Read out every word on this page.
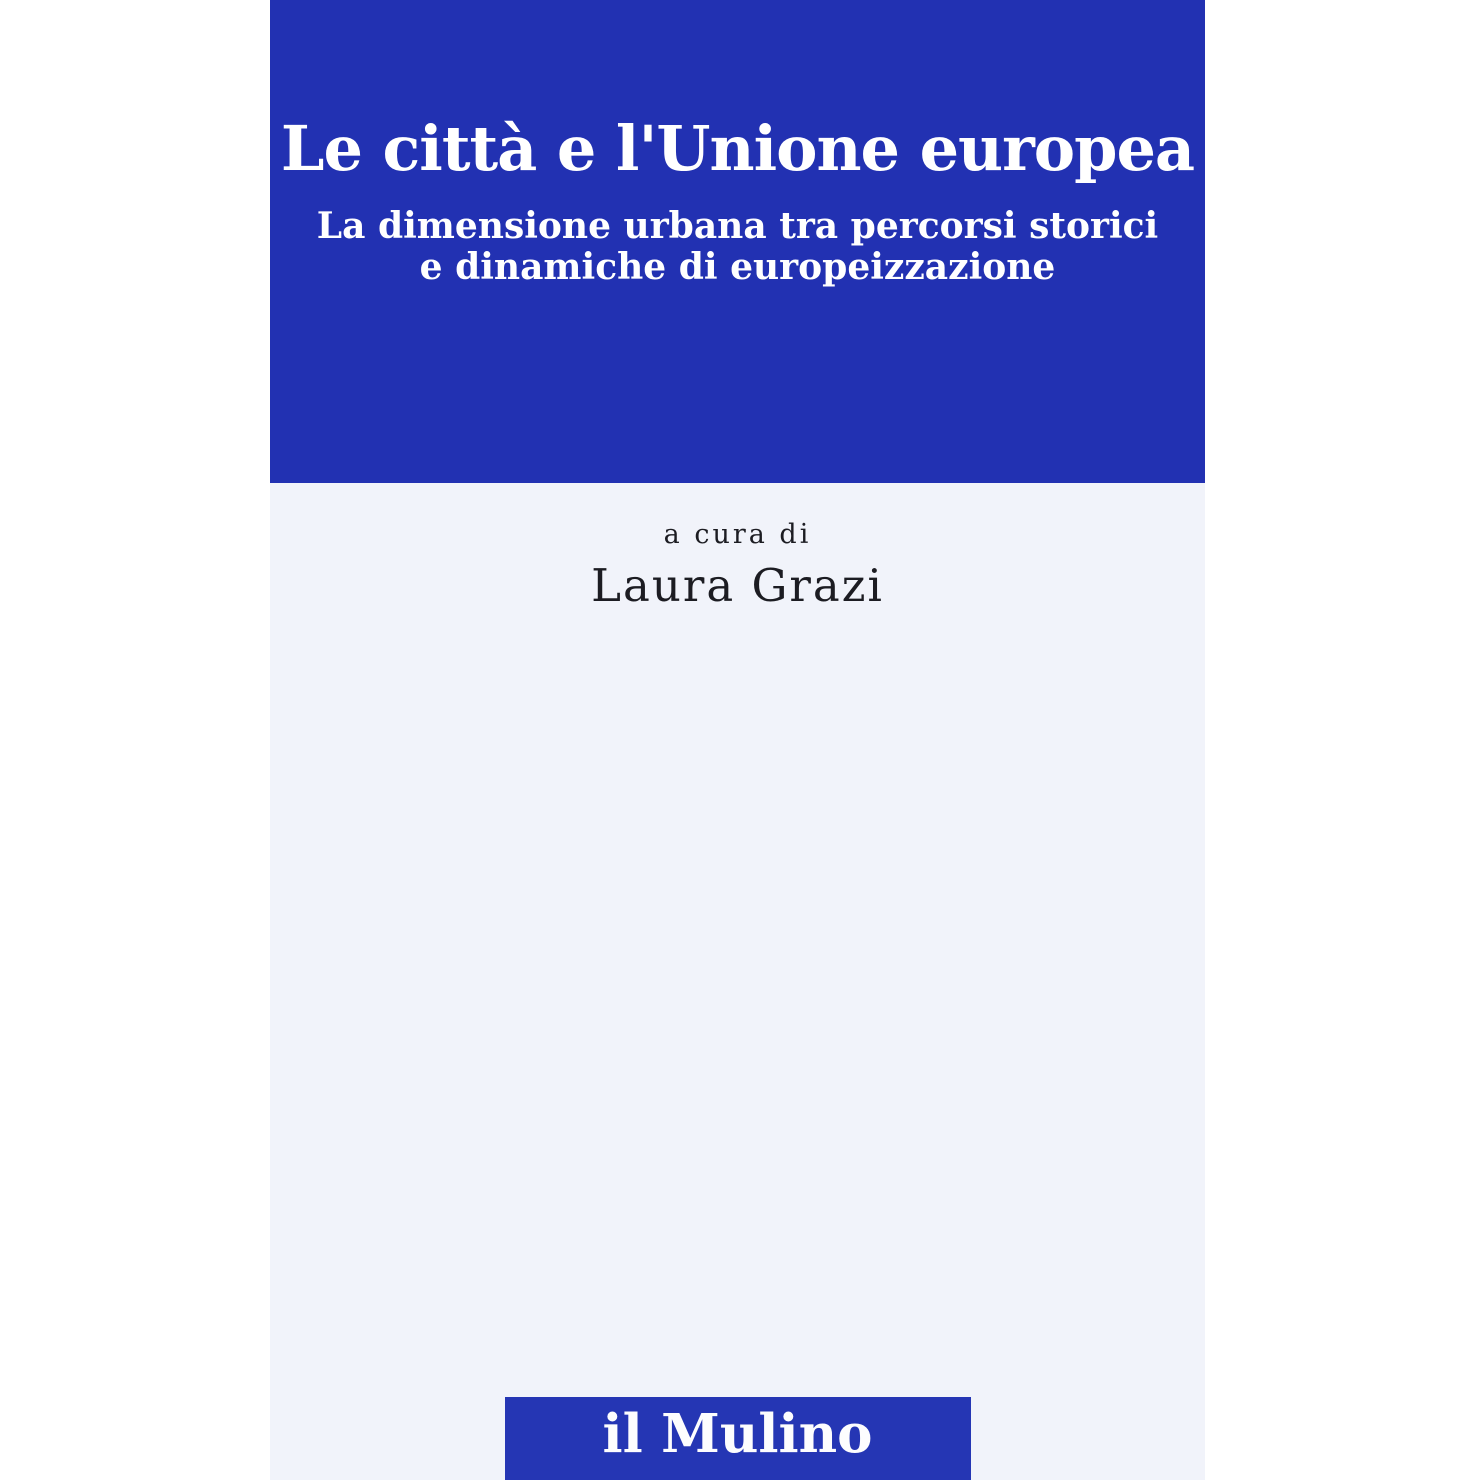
Le città e l'Unione europea
La dimensione urbana tra percorsi storici
e dinamiche di europeizzazione
a cura di
Laura Grazi
il Mulino
